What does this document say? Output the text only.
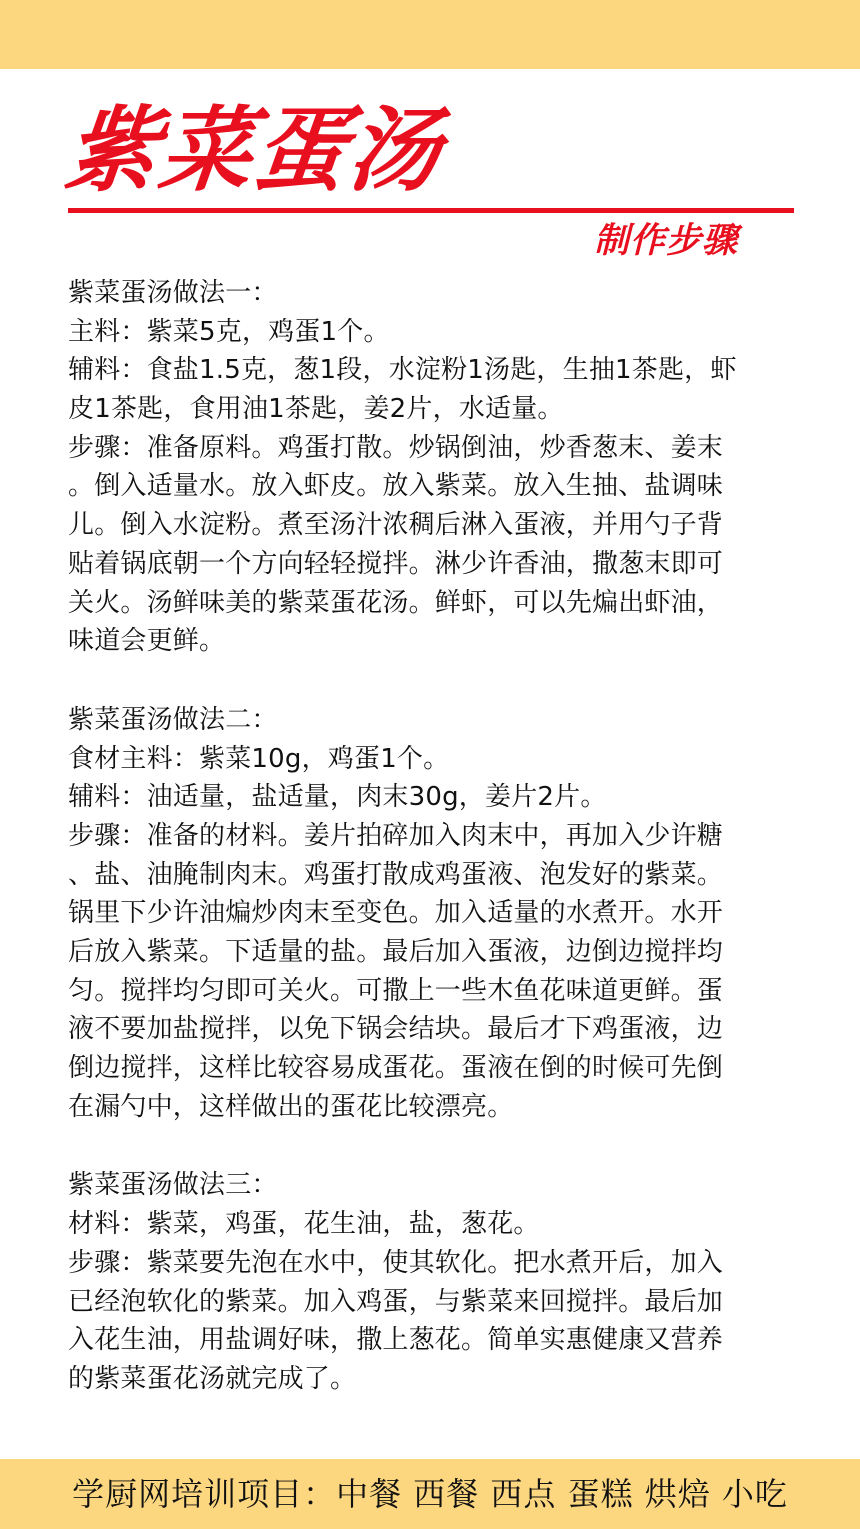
紫菜蛋汤
制作步骤
紫菜蛋汤做法一：
主料：紫菜5克，鸡蛋1个。
辅料：食盐1.5克，葱1段，水淀粉1汤匙，生抽1茶匙，虾
皮1茶匙，食用油1茶匙，姜2片，水适量。
步骤：准备原料。鸡蛋打散。炒锅倒油，炒香葱末、姜末
。倒入适量水。放入虾皮。放入紫菜。放入生抽、盐调味
儿。倒入水淀粉。煮至汤汁浓稠后淋入蛋液，并用勺子背
贴着锅底朝一个方向轻轻搅拌。淋少许香油，撒葱末即可
关火。汤鲜味美的紫菜蛋花汤。鲜虾，可以先煸出虾油，
味道会更鲜。
紫菜蛋汤做法二：
食材主料：紫菜10g，鸡蛋1个。
辅料：油适量，盐适量，肉末30g，姜片2片。
步骤：准备的材料。姜片拍碎加入肉末中，再加入少许糖
、盐、油腌制肉末。鸡蛋打散成鸡蛋液、泡发好的紫菜。
锅里下少许油煸炒肉末至变色。加入适量的水煮开。水开
后放入紫菜。下适量的盐。最后加入蛋液，边倒边搅拌均
匀。搅拌均匀即可关火。可撒上一些木鱼花味道更鲜。蛋
液不要加盐搅拌，以免下锅会结块。最后才下鸡蛋液，边
倒边搅拌，这样比较容易成蛋花。蛋液在倒的时候可先倒
在漏勺中，这样做出的蛋花比较漂亮。
紫菜蛋汤做法三：
材料：紫菜，鸡蛋，花生油，盐，葱花。
步骤：紫菜要先泡在水中，使其软化。把水煮开后，加入
已经泡软化的紫菜。加入鸡蛋，与紫菜来回搅拌。最后加
入花生油，用盐调好味，撒上葱花。简单实惠健康又营养
的紫菜蛋花汤就完成了。
学厨网培训项目：中餐 西餐 西点 蛋糕 烘焙 小吃
